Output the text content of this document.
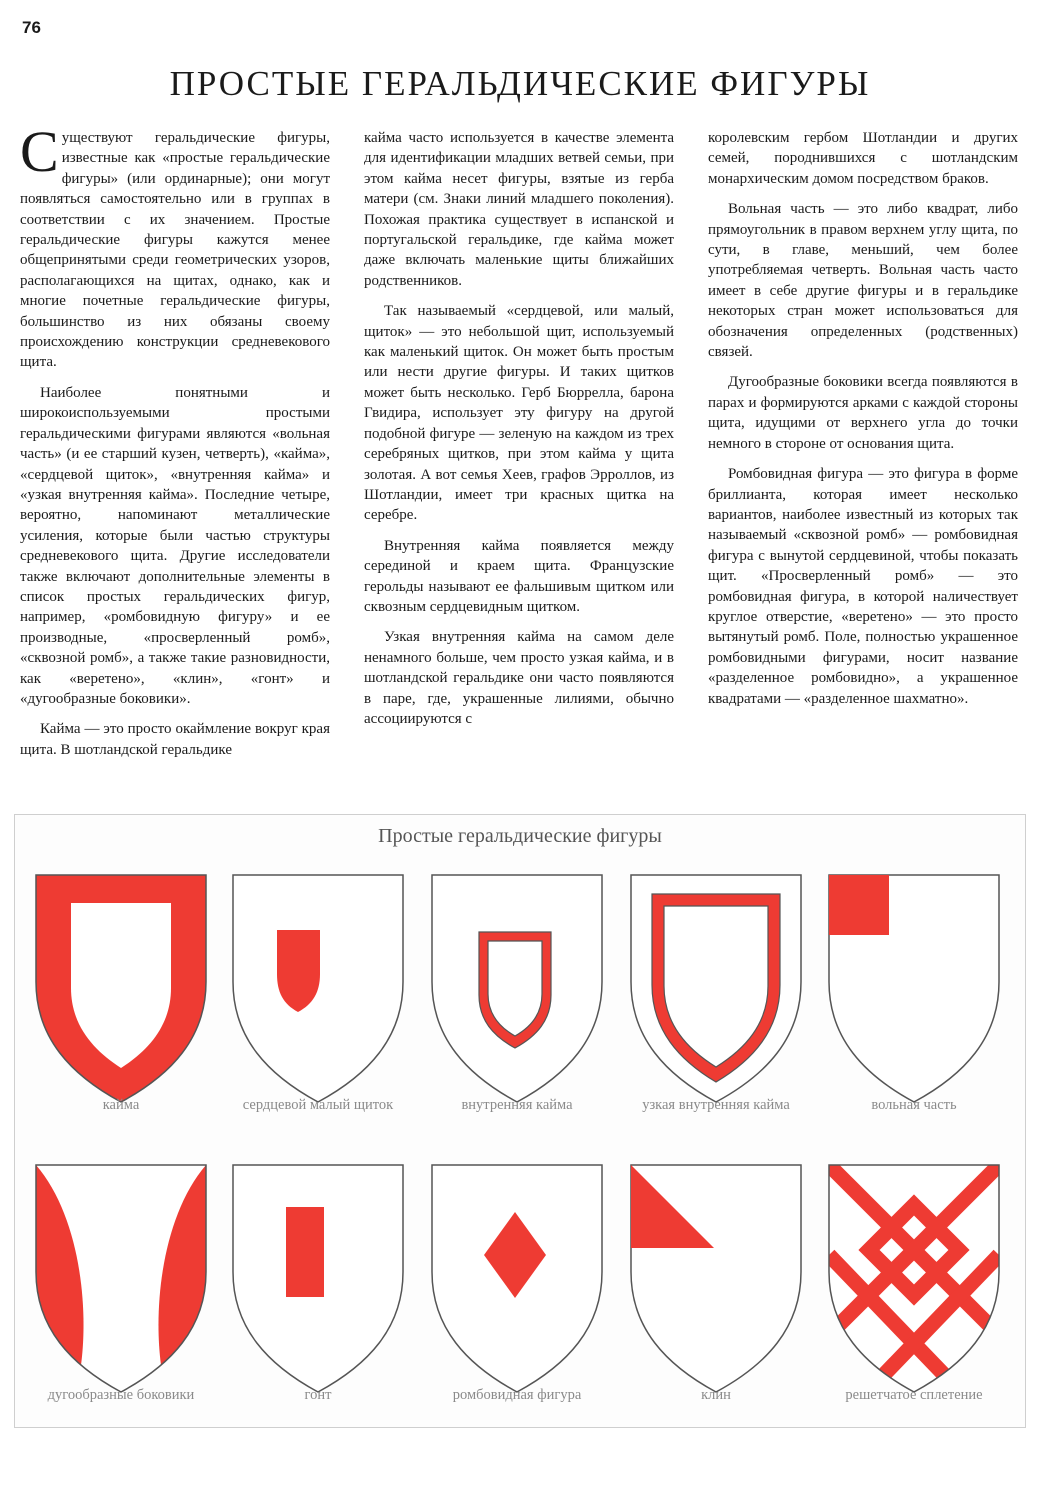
76
ПРОСТЫЕ ГЕРАЛЬДИЧЕСКИЕ ФИГУРЫ

Существуют геральдические фигуры, известные как «простые геральдические фигуры» (или ординарные); они могут появляться самостоятельно или в группах в соответствии с их значением. Простые геральдические фигуры кажутся менее общепринятыми среди геометрических узоров, располагающихся на щитах, однако, как и многие почетные геральдические фигуры, большинство из них обязаны своему происхождению конструкции средневекового щита.

Наиболее понятными и широкоиспользуемыми простыми геральдическими фигурами являются «вольная часть» (и ее старший кузен, четверть), «кайма», «сердцевой щиток», «внутренняя кайма» и «узкая внутренняя кайма». Последние четыре, вероятно, напоминают металлические усиления, которые были частью структуры средневекового щита. Другие исследователи также включают дополнительные элементы в список простых геральдических фигур, например, «ромбовидную фигуру» и ее производные, «просверленный ромб», «сквозной ромб», а также такие разновидности, как «веретено», «клин», «гонт» и «дугообразные боковики».

Кайма — это просто окаймление вокруг края щита. В шотландской геральдике

кайма часто используется в качестве элемента для идентификации младших ветвей семьи, при этом кайма несет фигуры, взятые из герба матери (см. Знаки линий младшего поколения). Похожая практика существует в испанской и португальской геральдике, где кайма может даже включать маленькие щиты ближайших родственников.

Так называемый «сердцевой, или малый, щиток» — это небольшой щит, используемый как маленький щиток. Он может быть простым или нести другие фигуры. И таких щитков может быть несколько. Герб Бюррелла, барона Гвидира, использует эту фигуру на другой подобной фигуре — зеленую на каждом из трех серебряных щитков, при этом кайма у щита золотая. А вот семья Хеев, графов Эрроллов, из Шотландии, имеет три красных щитка на серебре.

Внутренняя кайма появляется между серединой и краем щита. Французские герольды называют ее фальшивым щитком или сквозным сердцевидным щитком.

Узкая внутренняя кайма на самом деле ненамного больше, чем просто узкая кайма, и в шотландской геральдике они часто появляются в паре, где, украшенные лилиями, обычно ассоциируются с

королевским гербом Шотландии и других семей, породнившихся с шотландским монархическим домом посредством браков.

Вольная часть — это либо квадрат, либо прямоугольник в правом верхнем углу щита, по сути, в главе, меньший, чем более употребляемая четверть. Вольная часть часто имеет в себе другие фигуры и в геральдике некоторых стран может использоваться для обозначения определенных (родственных) связей.

Дугообразные боковики всегда появляются в парах и формируются арками с каждой стороны щита, идущими от верхнего угла до точки немного в стороне от основания щита.

Ромбовидная фигура — это фигура в форме бриллианта, которая имеет несколько вариантов, наиболее известный из которых так называемый «сквозной ромб» — ромбовидная фигура с вынутой сердцевиной, чтобы показать щит. «Просверленный ромб» — это ромбовидная фигура, в которой наличествует круглое отверстие, «веретено» — это просто вытянутый ромб. Поле, полностью украшенное ромбовидными фигурами, носит название «разделенное ромбовидно», а украшенное квадратами — «разделенное шахматно».

Простые геральдические фигуры
кайма	сердцевой малый щиток	внутренняя кайма	узкая внутренняя кайма	вольная часть
дугообразные боковики	гонт	ромбовидная фигура	клин	решетчатое сплетение
